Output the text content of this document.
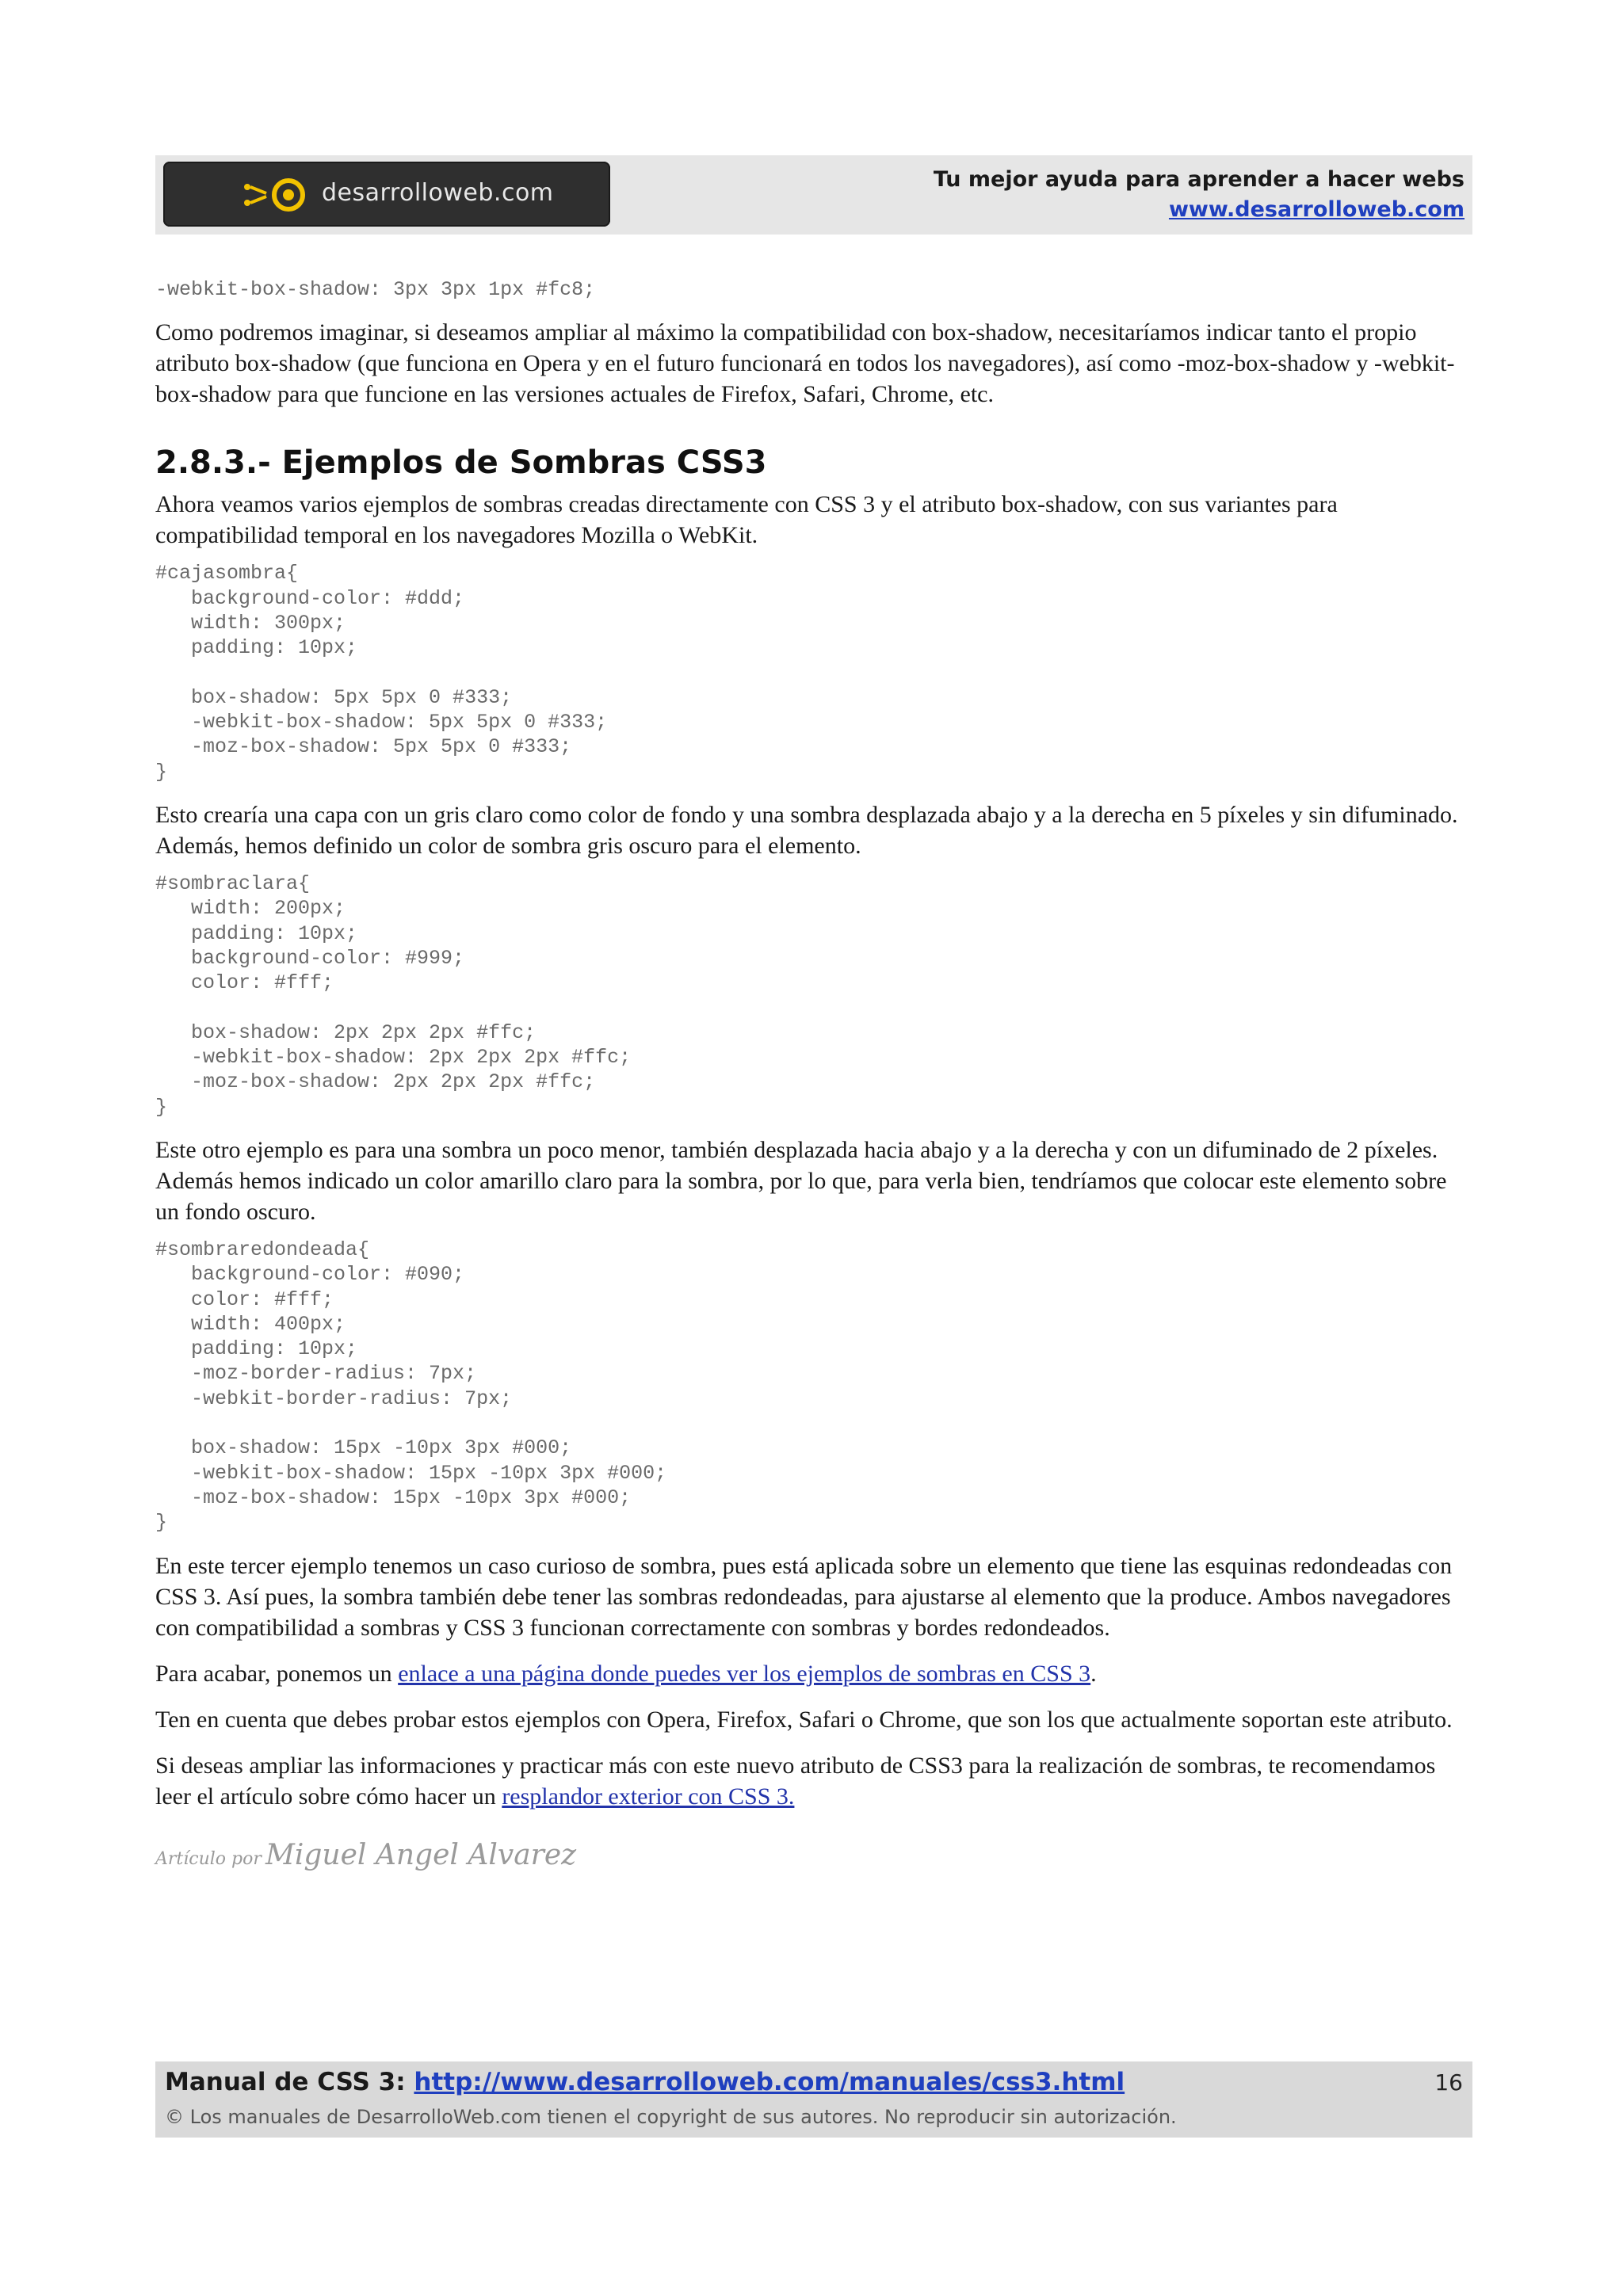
desarrolloweb.com	Tu mejor ayuda para aprender a hacer webs
www.desarrolloweb.com
-webkit-box-shadow: 3px 3px 1px #fc8;

Como podremos imaginar, si deseamos ampliar al máximo la compatibilidad con box-shadow, necesitaríamos indicar tanto el propio atributo box-shadow (que funciona en Opera y en el futuro funcionará en todos los navegadores), así como -moz-box-shadow y -webkit-box-shadow para que funcione en las versiones actuales de Firefox, Safari, Chrome, etc.

2.8.3.- Ejemplos de Sombras CSS3

Ahora veamos varios ejemplos de sombras creadas directamente con CSS 3 y el atributo box-shadow, con sus variantes para compatibilidad temporal en los navegadores Mozilla o WebKit.

#cajasombra{
background-color: #ddd;
width: 300px;
padding: 10px;

box-shadow: 5px 5px 0 #333;
-webkit-box-shadow: 5px 5px 0 #333;
-moz-box-shadow: 5px 5px 0 #333;
}

Esto crearía una capa con un gris claro como color de fondo y una sombra desplazada abajo y a la derecha en 5 píxeles y sin difuminado. Además, hemos definido un color de sombra gris oscuro para el elemento.

#sombraclara{
width: 200px;
padding: 10px;
background-color: #999;
color: #fff;

box-shadow: 2px 2px 2px #ffc;
-webkit-box-shadow: 2px 2px 2px #ffc;
-moz-box-shadow: 2px 2px 2px #ffc;
}

Este otro ejemplo es para una sombra un poco menor, también desplazada hacia abajo y a la derecha y con un difuminado de 2 píxeles. Además hemos indicado un color amarillo claro para la sombra, por lo que, para verla bien, tendríamos que colocar este elemento sobre un fondo oscuro.

#sombraredondeada{
background-color: #090;
color: #fff;
width: 400px;
padding: 10px;
-moz-border-radius: 7px;
-webkit-border-radius: 7px;

box-shadow: 15px -10px 3px #000;
-webkit-box-shadow: 15px -10px 3px #000;
-moz-box-shadow: 15px -10px 3px #000;
}

En este tercer ejemplo tenemos un caso curioso de sombra, pues está aplicada sobre un elemento que tiene las esquinas redondeadas con CSS 3. Así pues, la sombra también debe tener las sombras redondeadas, para ajustarse al elemento que la produce. Ambos navegadores con compatibilidad a sombras y CSS 3 funcionan correctamente con sombras y bordes redondeados.

Para acabar, ponemos un enlace a una página donde puedes ver los ejemplos de sombras en CSS 3.

Ten en cuenta que debes probar estos ejemplos con Opera, Firefox, Safari o Chrome, que son los que actualmente soportan este atributo.

Si deseas ampliar las informaciones y practicar más con este nuevo atributo de CSS3 para la realización de sombras, te recomendamos leer el artículo sobre cómo hacer un resplandor exterior con CSS 3.

Artículo por Miguel Angel Alvarez
Manual de CSS 3: http://www.desarrolloweb.com/manuales/css3.html
© Los manuales de DesarrolloWeb.com tienen el copyright de sus autores. No reproducir sin autorización.
16
